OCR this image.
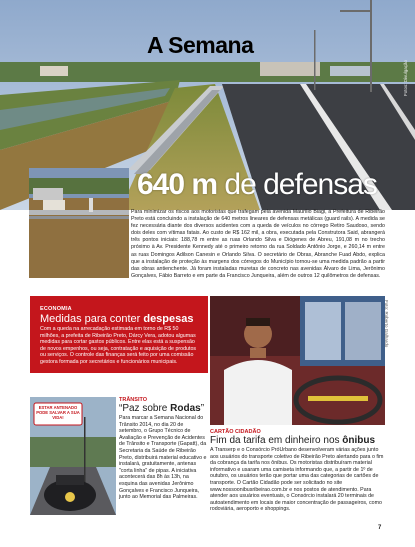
Fotos: Divulgação
A Semana
640 m de defensas
Para minimizar os riscos aos motoristas que trafegam pela avenida Maurílio Biagi, a Prefeitura de Ribeirão Preto está concluindo a instalação de 640 metros lineares de defensas metálicas (guard rails). A medida se fez necessária diante dos diversos acidentes com a queda de veículos no córrego Retiro Saudoso, sendo dois deles com vítimas fatais. Ao custo de R$ 162 mil, a obra, executada pela Construtora Said, abrangerá três pontos iniciais: 188,78 m entre as ruas Orlando Silva e Diógenes de Abreu, 191,08 m no trecho próximo à Av. Presidente Kennedy até o primeiro retorno da rua Soldado Antônio Jorge, e 260,14 m entre as ruas Domingos Adilson Canesin e Orlando Silva. O secretário de Obras, Abranche Fuad Abdo, explica que a instalação de proteção às margens dos córregos do Município tornou-se uma medida padrão a partir das obras antienchente. Já foram instaladas muretas de concreto nas avenidas Álvaro de Lima, Jerônimo Gonçalves, Fábio Barreto e em parte da Francisco Junqueira, além de outros 12 quilômetros de defensas.
ECONOMIA
Medidas para conter despesas
Com a queda na arrecadação estimada em torno de R$ 50 milhões, a prefeita de Ribeirão Preto, Dárcy Vera, adotou algumas medidas para cortar gastos públicos. Entre elas está a suspensão de novos empenhos, ou seja, contratação e aquisição de produtos ou serviços. O controle das finanças será feito por uma comissão gestora formada por secretários e funcionários municipais.
ESTAR ANTENADO PODE SALVAR A SUA VIDA!
TRÂNSITO
“Paz sobre Rodas”
Para marcar a Semana Nacional do Trânsito 2014, no dia 20 de setembro, o Grupo Técnico de Avaliação e Prevenção de Acidentes de Trânsito e Transporte (Gapatt), da Secretaria da Saúde de Ribeirão Preto, distribuirá material educativo e instalará, gratuitamente, antenas "corta linha" de pipas. A iniciativa acontecerá das 8h às 13h, na esquina das avenidas Jerônimo Gonçalves e Francisco Junqueira, junto ao Memorial das Palmeiras.
Foto: Roberto Galhardo
CARTÃO CIDADÃO
Fim da tarifa em dinheiro nos ônibus
A Transerp e o Consórcio PróUrbano desenvolveram várias ações junto aos usuários do transporte coletivo de Ribeirão Preto alertando para o fim da cobrança da tarifa nos ônibus. Os motoristas distribuíram material informativo e usaram uma camiseta informando que, a partir de 1º de outubro, os usuários terão que portar uma das categorias de cartões de transporte. O Cartão Cidadão pode ser solicitado no site www.nossoonibusribeirao.com.br e nos postos de atendimento. Para atender aos usuários eventuais, o Consórcio instalará 20 terminais de autoatendimento em locais de maior concentração de passageiros, como rodoviária, aeroporto e shoppings.
7
